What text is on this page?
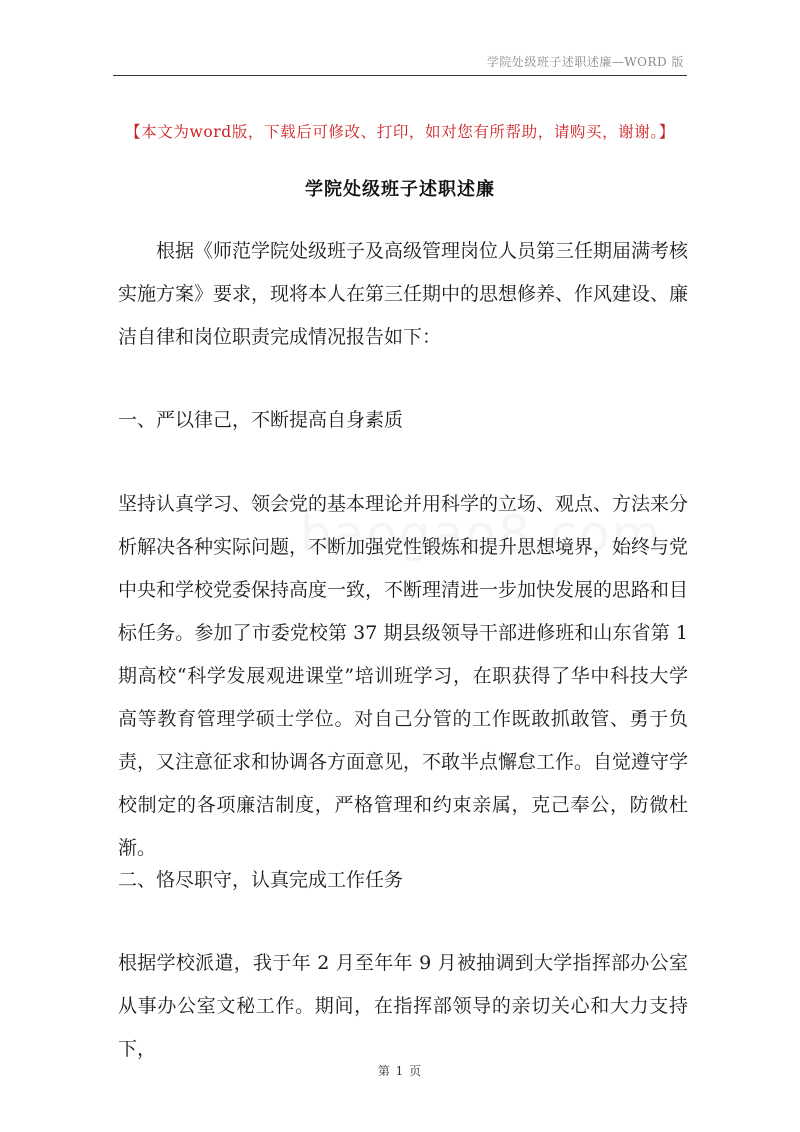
学院处级班子述职述廉—WORD 版
【本文为word版，下载后可修改、打印，如对您有所帮助，请购买，谢谢。】
学院处级班子述职述廉

根据《师范学院处级班子及高级管理岗位人员第三任期届满考核实施方案》要求，现将本人在第三任期中的思想修养、作风建设、廉洁自律和岗位职责完成情况报告如下：

一、严以律己，不断提高自身素质

坚持认真学习、领会党的基本理论并用科学的立场、观点、方法来分析解决各种实际问题，不断加强党性锻炼和提升思想境界，始终与党中央和学校党委保持高度一致，不断理清进一步加快发展的思路和目标任务。参加了市委党校第 37 期县级领导干部进修班和山东省第 1 期高校“科学发展观进课堂”培训班学习，在职获得了华中科技大学高等教育管理学硕士学位。对自己分管的工作既敢抓敢管、勇于负责，又注意征求和协调各方面意见，不敢半点懈怠工作。自觉遵守学校制定的各项廉洁制度，严格管理和约束亲属，克己奉公，防微杜渐。

二、恪尽职守，认真完成工作任务

根据学校派遣，我于年 2 月至年年 9 月被抽调到大学指挥部办公室从事办公室文秘工作。期间，在指挥部领导的亲切关心和大力支持下，

第 1 页
